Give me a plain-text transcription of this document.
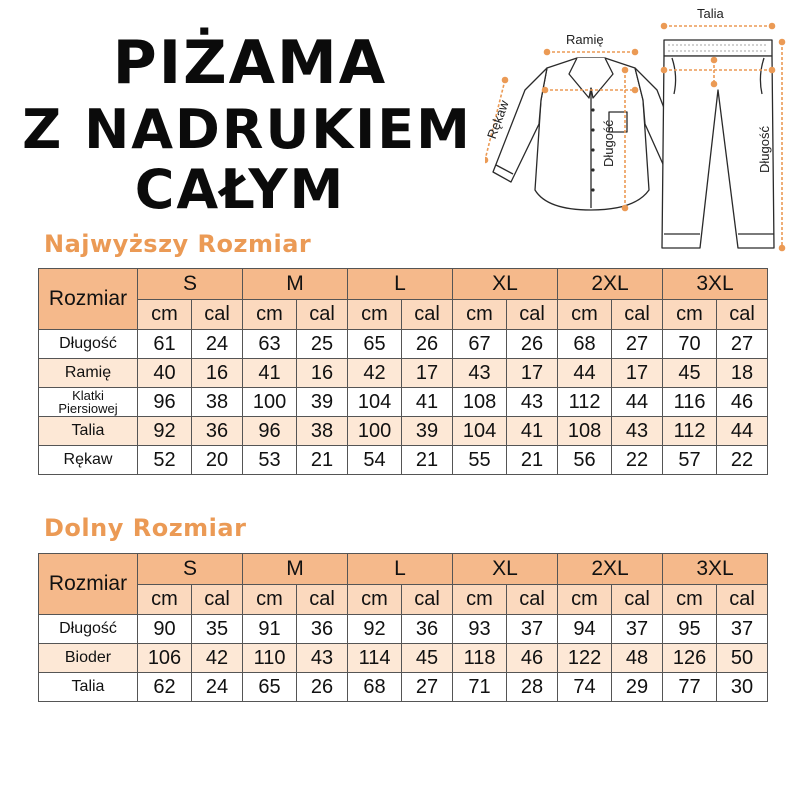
PIŻAMA
Z NADRUKIEM
CAŁYM
Ramię
Rękaw
Długość
Talia
Długość
Najwyższy Rozmiar
Rozmiar	S		M		L		XL		2XL		3XL	
	cm	cal	cm	cal	cm	cal	cm	cal	cm	cal	cm	cal
Długość	61	24	63	25	65	26	67	26	68	27	70	27
Ramię	40	16	41	16	42	17	43	17	44	17	45	18

Klatki
Piersiowej	96	38	100	39	104	41	108	43	112	44	116	46
Talia	92	36	96	38	100	39	104	41	108	43	112	44
Rękaw	52	20	53	21	54	21	55	21	56	22	57	22
Dolny Rozmiar
Rozmiar	S		M		L		XL		2XL		3XL	
	cm	cal	cm	cal	cm	cal	cm	cal	cm	cal	cm	cal
Długość	90	35	91	36	92	36	93	37	94	37	95	37
Bioder	106	42	110	43	114	45	118	46	122	48	126	50
Talia	62	24	65	26	68	27	71	28	74	29	77	30
